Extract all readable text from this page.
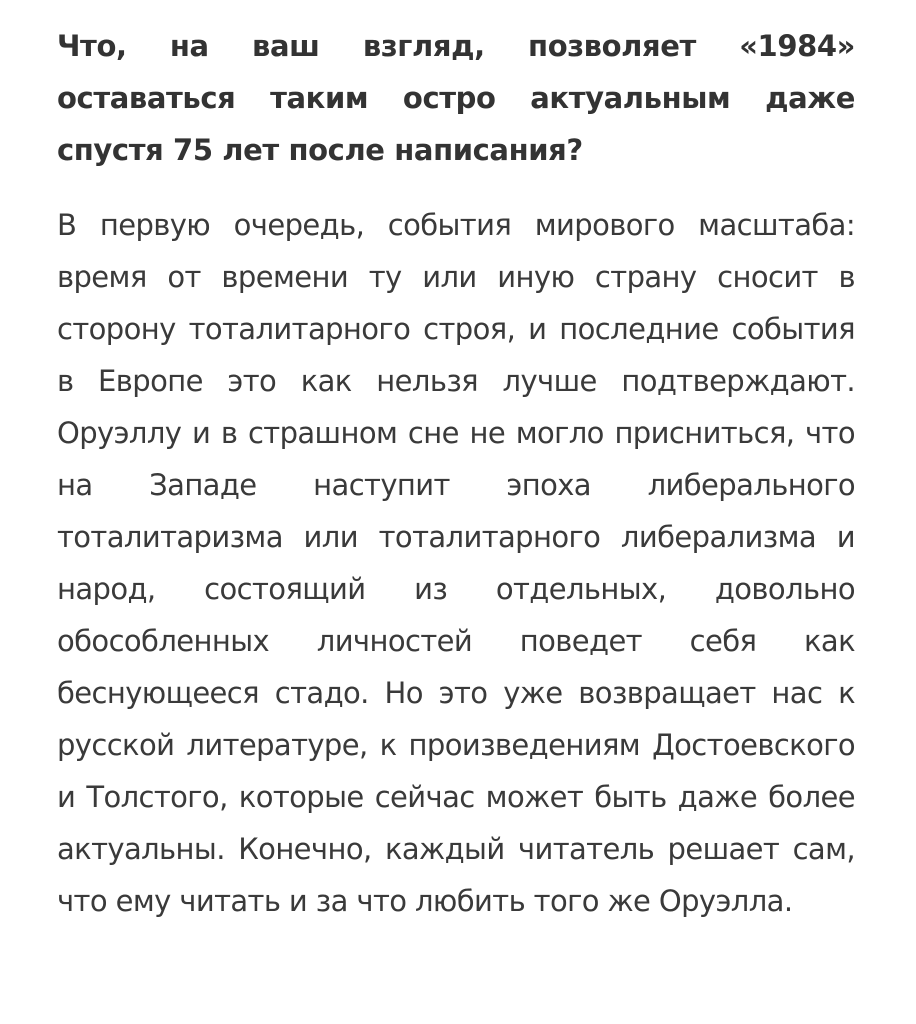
Что, на ваш взгляд, позволяет «1984» оставаться таким остро актуальным даже спустя 75 лет после написания?

В первую очередь, события мирового масштаба: время от времени ту или иную страну сносит в сторону тоталитарного строя, и последние события в Европе это как нельзя лучше подтверждают. Оруэллу и в страшном сне не могло присниться, что на Западе наступит эпоха либерального тоталитаризма или тоталитарного либерализма и народ, состоящий из отдельных, довольно обособленных личностей поведет себя как беснующееся стадо. Но это уже возвращает нас к русской литературе, к произведениям Достоевского и Толстого, которые сейчас может быть даже более актуальны. Конечно, каждый читатель решает сам, что ему читать и за что любить того же Оруэлла.
